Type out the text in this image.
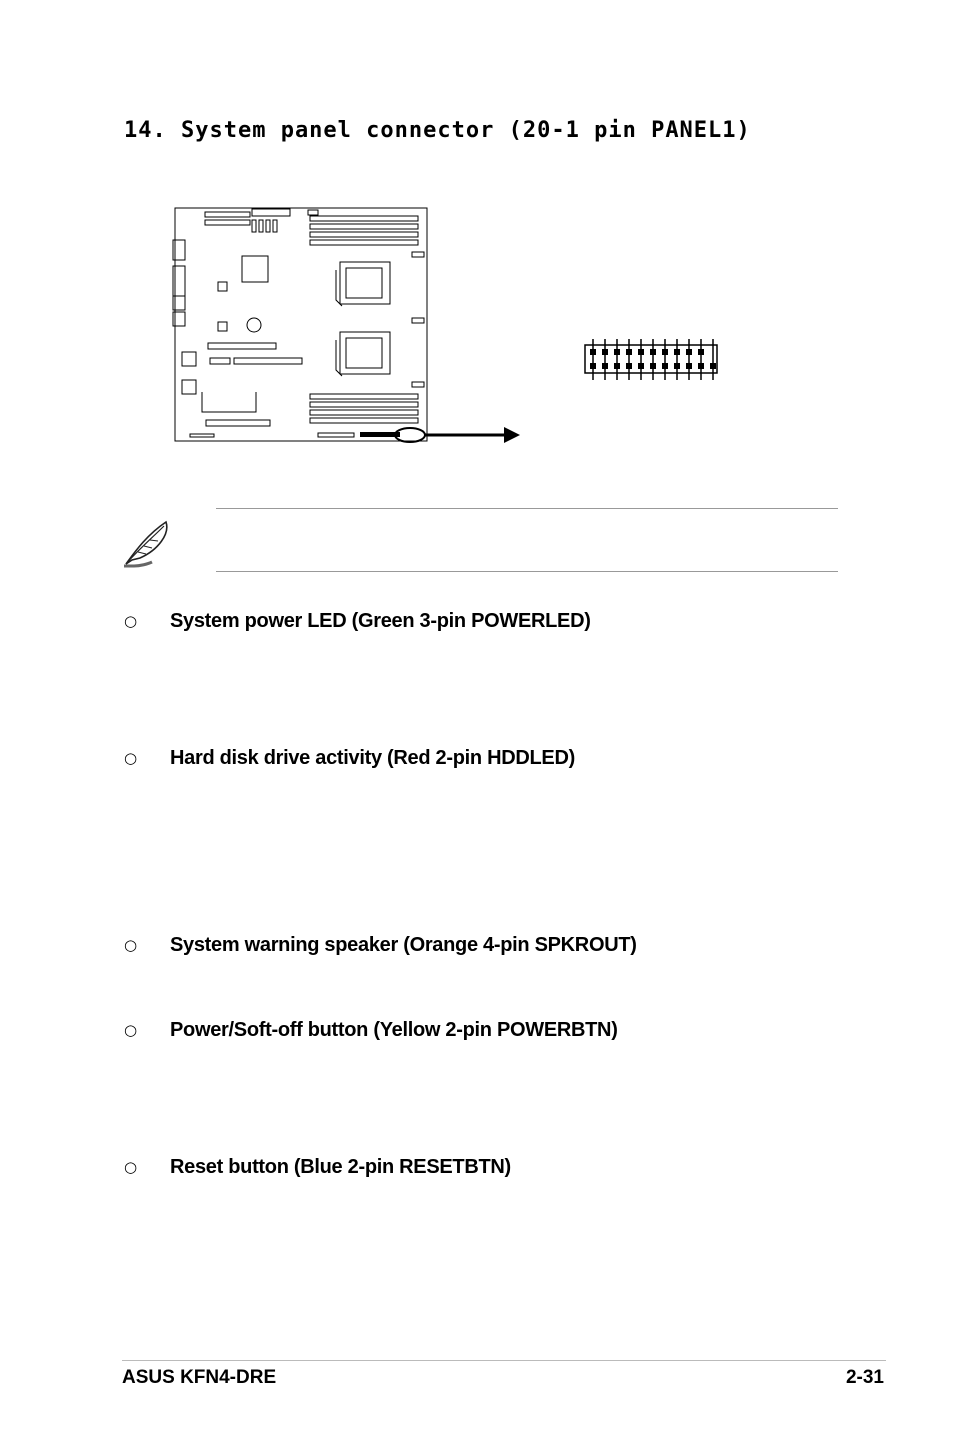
14. System panel connector (20-1 pin PANEL1)
○ System power LED (Green 3-pin POWERLED)
○ Hard disk drive activity (Red 2-pin HDDLED)
○ System warning speaker (Orange 4-pin SPKROUT)
○ Power/Soft-off button (Yellow 2-pin POWERBTN)
○ Reset button (Blue 2-pin RESETBTN)
ASUS KFN4-DRE	2-31
